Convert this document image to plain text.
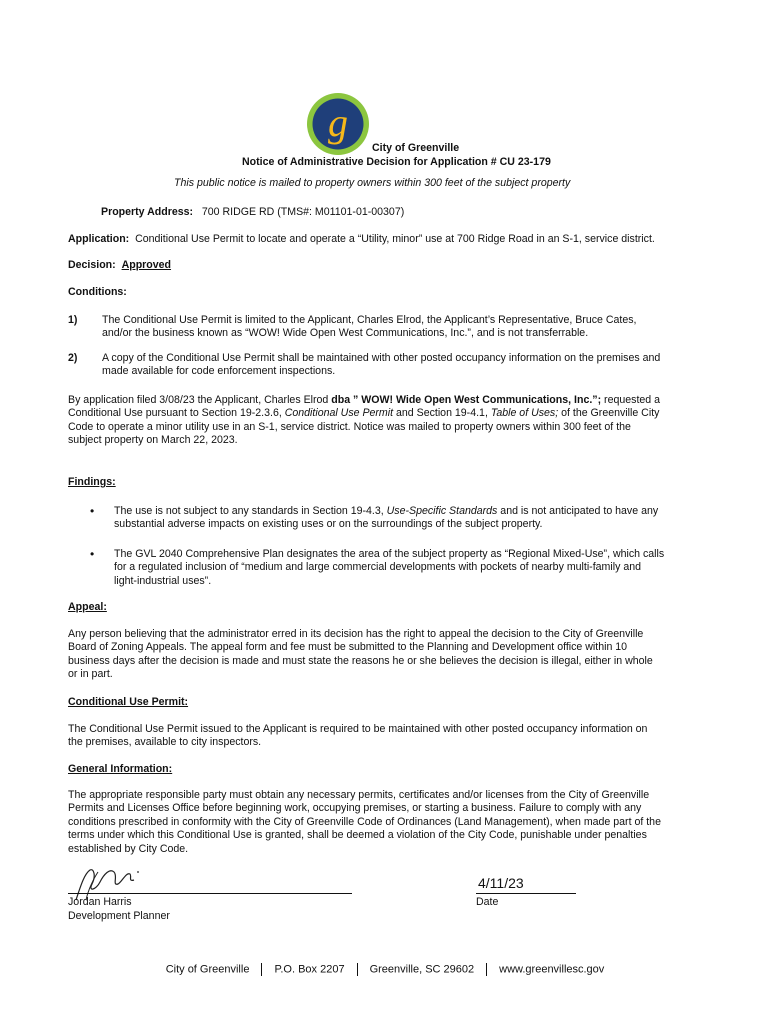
g
City of Greenville
Notice of Administrative Decision for Application # CU 23-179
This public notice is mailed to property owners within 300 feet of the subject property
Property Address: 700 RIDGE RD (TMS#: M01101-01-00307)
Application: Conditional Use Permit to locate and operate a “Utility, minor” use at 700 Ridge Road in an S-1, service district.
Decision: Approved
Conditions:
1) The Conditional Use Permit is limited to the Applicant, Charles Elrod, the Applicant’s Representative, Bruce Cates,
and/or the business known as “WOW! Wide Open West Communications, Inc.”, and is not transferrable.
2) A copy of the Conditional Use Permit shall be maintained with other posted occupancy information on the premises and
made available for code enforcement inspections.
By application filed 3/08/23 the Applicant, Charles Elrod dba ” WOW! Wide Open West Communications, Inc.”; requested a
Conditional Use pursuant to Section 19-2.3.6, Conditional Use Permit and Section 19-4.1, Table of Uses; of the Greenville City
Code to operate a minor utility use in an S-1, service district. Notice was mailed to property owners within 300 feet of the
subject property on March 22, 2023.
Findings:
• The use is not subject to any standards in Section 19-4.3, Use-Specific Standards and is not anticipated to have any
substantial adverse impacts on existing uses or on the surroundings of the subject property.
• The GVL 2040 Comprehensive Plan designates the area of the subject property as “Regional Mixed-Use”, which calls
for a regulated inclusion of “medium and large commercial developments with pockets of nearby multi-family and
light-industrial uses”.
Appeal:
Any person believing that the administrator erred in its decision has the right to appeal the decision to the City of Greenville
Board of Zoning Appeals. The appeal form and fee must be submitted to the Planning and Development office within 10
business days after the decision is made and must state the reasons he or she believes the decision is illegal, either in whole
or in part.
Conditional Use Permit:
The Conditional Use Permit issued to the Applicant is required to be maintained with other posted occupancy information on
the premises, available to city inspectors.
General Information:
The appropriate responsible party must obtain any necessary permits, certificates and/or licenses from the City of Greenville
Permits and Licenses Office before beginning work, occupying premises, or starting a business. Failure to comply with any
conditions prescribed in conformity with the City of Greenville Code of Ordinances (Land Management), when made part of the
terms under which this Conditional Use is granted, shall be deemed a violation of the City Code, punishable under penalties
established by City Code.
Jordan Harris
Development Planner
4/11/23
Date
City of Greenville P.O. Box 2207 Greenville, SC 29602 www.greenvillesc.gov
